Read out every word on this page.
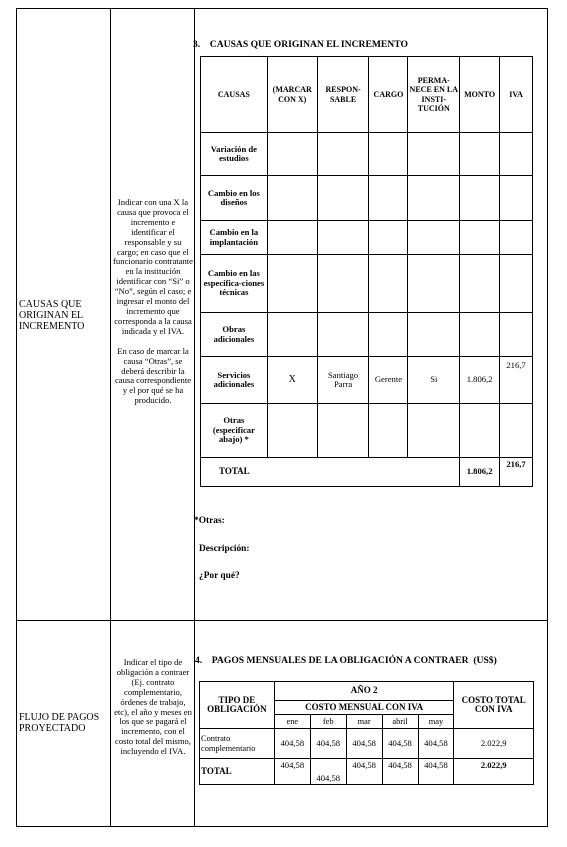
CAUSAS QUE ORIGINAN EL INCREMENTO
Indicar con una X la causa que provoca el incremento e identificar el responsable y su cargo; en caso que el funcionario contratante en la institución identificar con “Si” o “No”, según el caso; e ingresar el monto del incremento que corresponda a la causa indicada y el IVA.
En caso de marcar la causa “Otras”, se deberá describir la causa correspondiente y el por qué se ha producido.
3.    CAUSAS QUE ORIGINAN EL INCREMENTO
CAUSAS	(MARCAR CON X)	RESPON-SABLE	CARGO	PERMA-NECE EN LA INSTI-TUCIÓN	MONTO	IVA
Variación de estudios						
Cambio en los diseños						
Cambio en la implantación						
Cambio en las especifica-ciones técnicas						
Obras adicionales						
Servicios adicionales	X	Santiago Parra	Gerente	Si	1.806,2	216,7
Otras (especificar abajo) *						
TOTAL					1.806,2	216,7
*Otras:
Descripción:
¿Por qué?
FLUJO DE PAGOS PROYECTADO
Indicar el tipo de obligación a contraer (Ej. contrato complementario, órdenes de trabajo, etc), el año y meses en los que se pagará el incremento, con el costo total del mismo, incluyendo el IVA.
4.    PAGOS MENSUALES DE LA OBLIGACIÓN A CONTRAER  (US$)
TIPO DE OBLIGACIÓN	AÑO 2					COSTO TOTAL CON IVA
	COSTO MENSUAL CON IVA					
	ene	feb	mar	abril	may	
Contrato complementario	404,58	404,58	404,58	404,58	404,58	2.022,9
TOTAL	404,58	404,58	404,58	404,58	404,58	2.022,9
